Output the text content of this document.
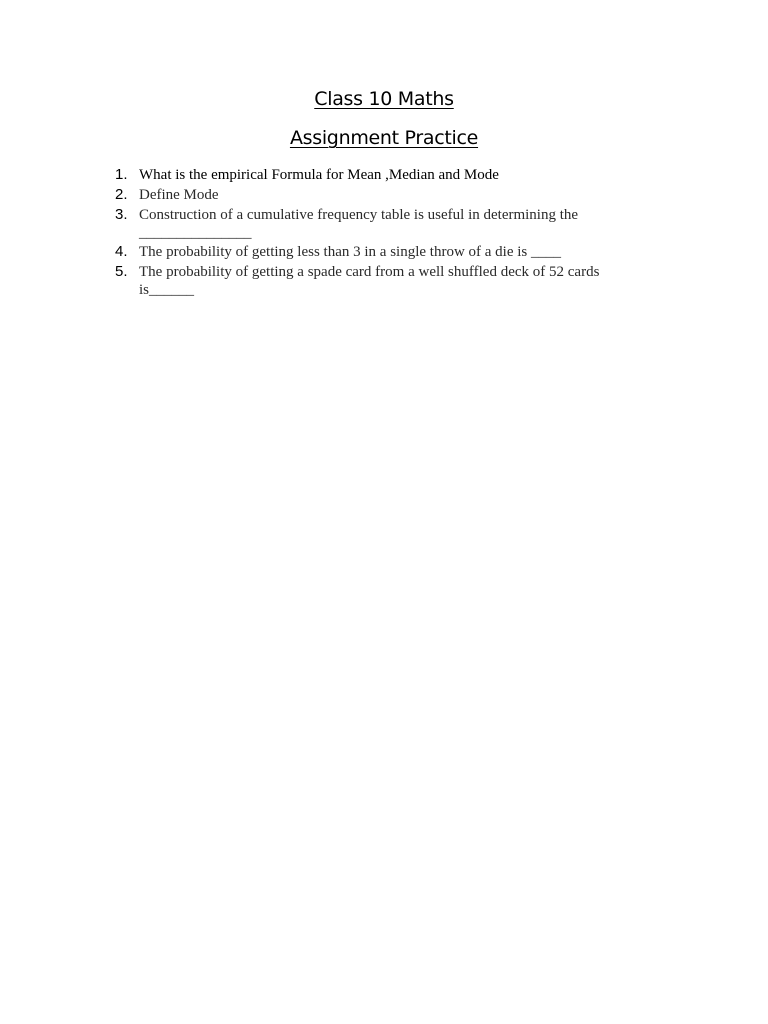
Class 10 Maths
Assignment Practice
1. What is the empirical Formula for Mean ,Median and Mode
2. Define Mode
3. Construction of a cumulative frequency table is useful in determining the _______________
4. The probability of getting less than 3 in a single throw of a die is ____
5. The probability of getting a spade card from a well shuffled deck of 52 cards is______
